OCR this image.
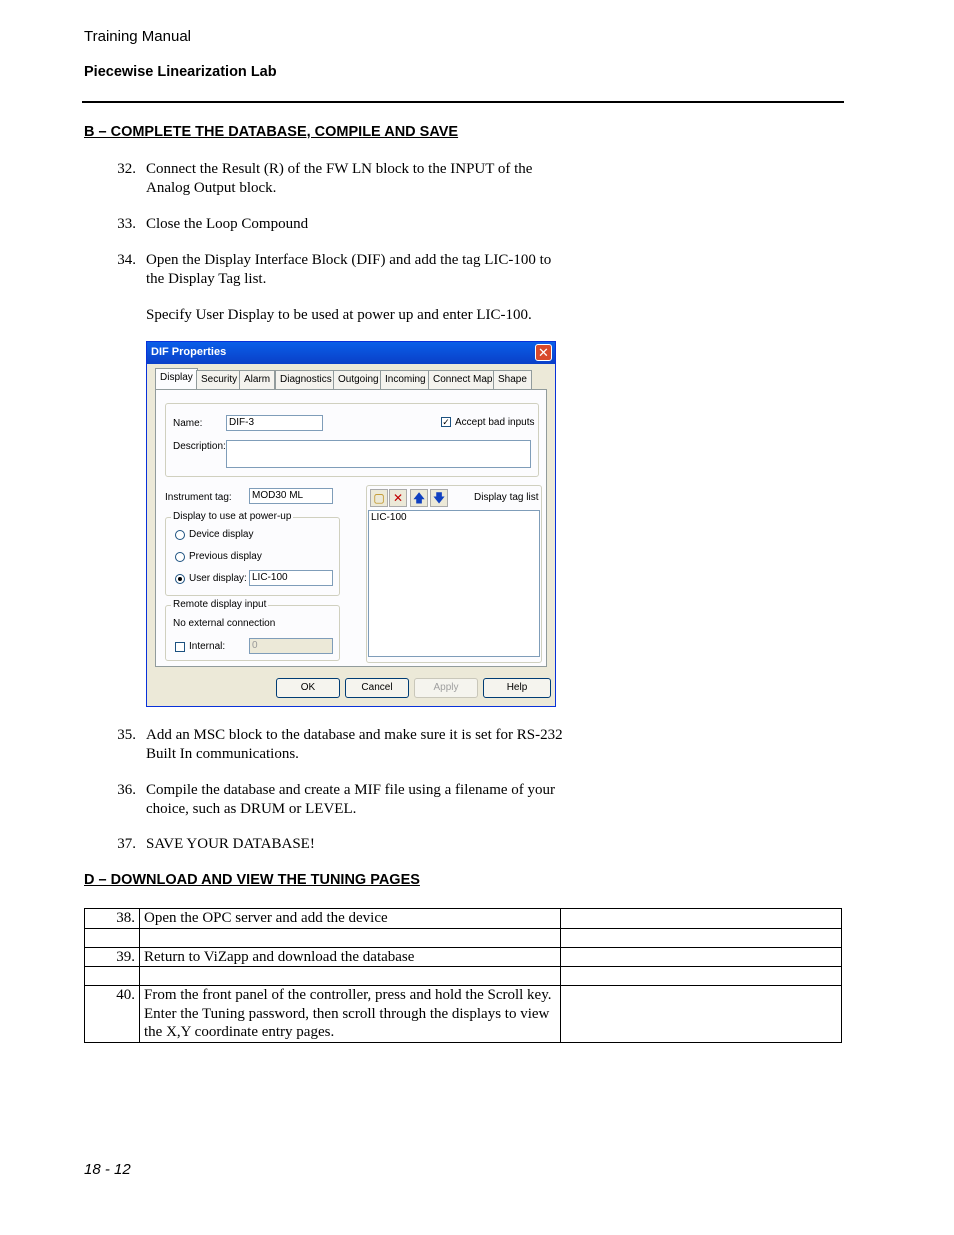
Training Manual
Piecewise Linearization Lab
B – COMPLETE THE DATABASE, COMPILE AND SAVE
32. Connect the Result (R) of the FW LN block to the INPUT of the Analog Output block.
33. Close the Loop Compound
34. Open the Display Interface Block (DIF) and add the tag LIC-100 to the Display Tag list.
Specify User Display to be used at power up and enter LIC-100.
DIF Properties	✕
Display Security Alarm Diagnostics Outgoing Incoming Connect Map Shape
Name:	DIF-3	✓ Accept bad inputs
Description:
Instrument tag:	MOD30 ML
Display to use at power-up
Device display
Previous display
User display: LIC-100
Remote display input
No external connection
Internal:	0
▢ ✕ 🡅 🡇	Display tag list
LIC-100
OK	Cancel	Apply	Help
35. Add an MSC block to the database and make sure it is set for RS-232 Built In communications.
36. Compile the database and create a MIF file using a filename of your choice, such as DRUM or LEVEL.
37. SAVE YOUR DATABASE!
D – DOWNLOAD AND VIEW THE TUNING PAGES
38.	Open the OPC server and add the device	

39.	Return to ViZapp and download the database	

40.	From the front panel of the controller, press and hold the Scroll key. Enter the Tuning password, then scroll through the displays to view the X,Y coordinate entry pages.	
18 - 12
